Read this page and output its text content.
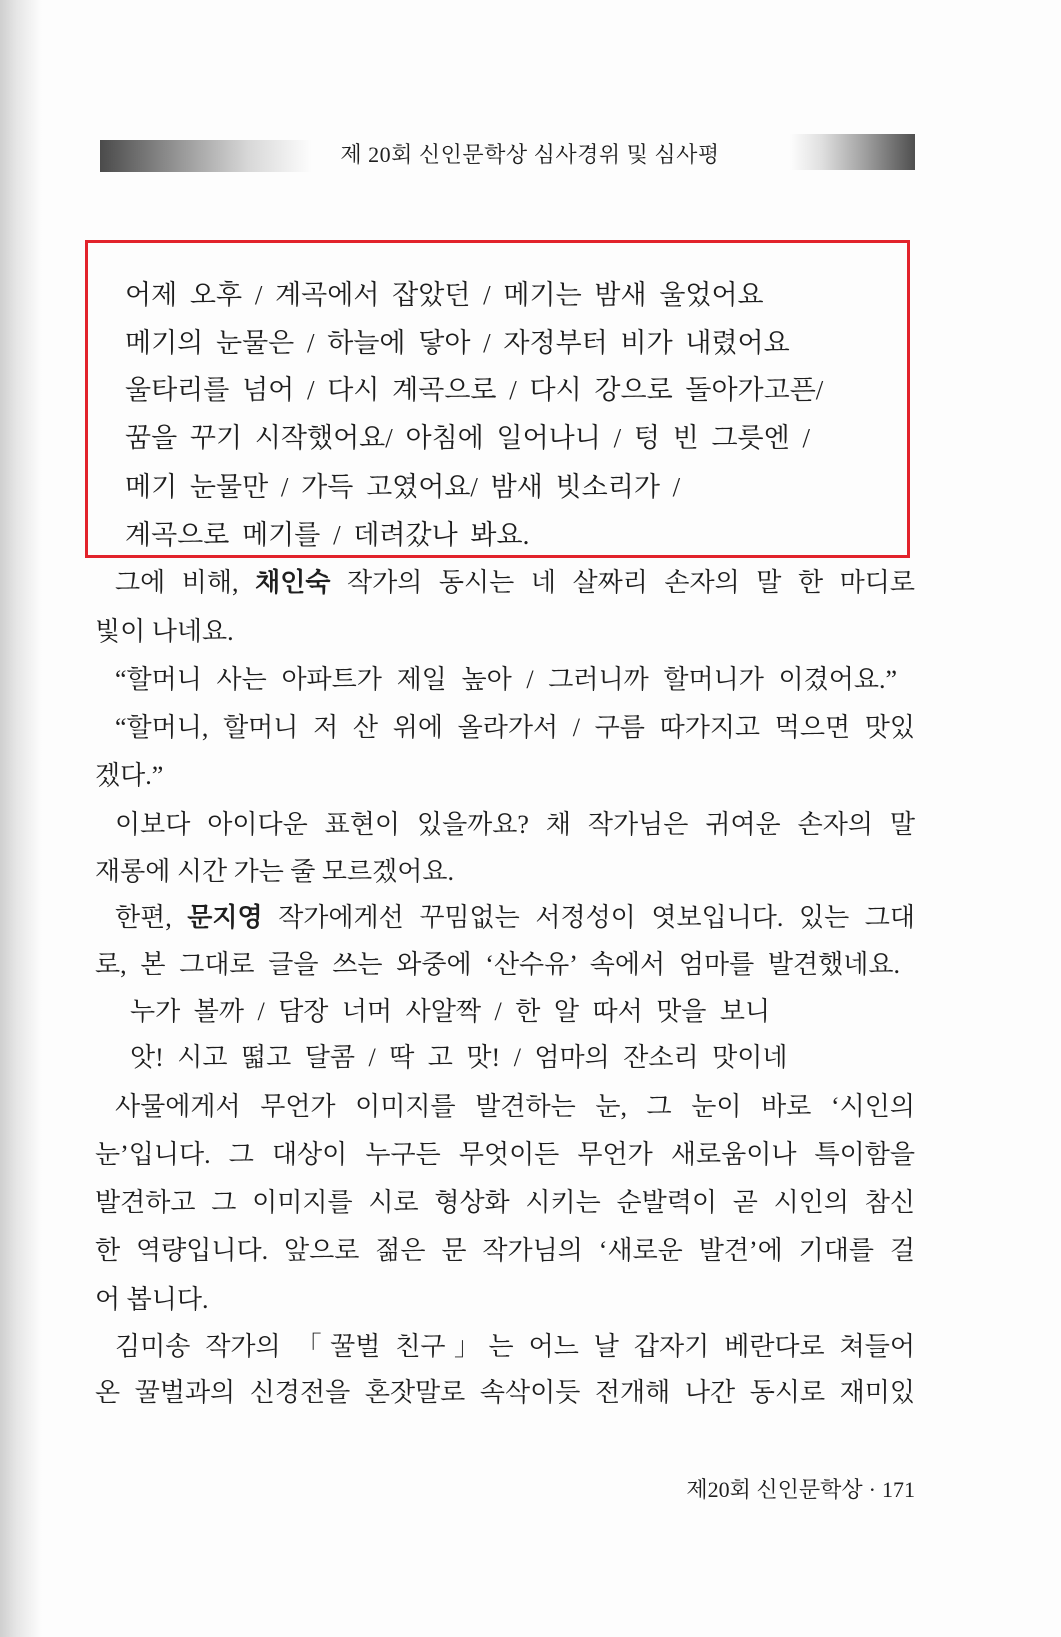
제 20회 신인문학상 심사경위 및 심사평
어제 오후 / 계곡에서 잡았던 / 메기는 밤새 울었어요
메기의 눈물은 / 하늘에 닿아 / 자정부터 비가 내렸어요
울타리를 넘어 / 다시 계곡으로 / 다시 강으로 돌아가고픈/
꿈을 꾸기 시작했어요/ 아침에 일어나니 / 텅 빈 그릇엔 /
메기 눈물만 / 가득 고였어요/ 밤새 빗소리가 /
계곡으로 메기를 / 데려갔나 봐요.
그에 비해, 채인숙 작가의 동시는 네 살짜리 손자의 말 한 마디로
빛이 나네요.
“할머니 사는 아파트가 제일 높아 / 그러니까 할머니가 이겼어요.”
“할머니, 할머니 저 산 위에 올라가서 / 구름 따가지고 먹으면 맛있
겠다.”
이보다 아이다운 표현이 있을까요? 채 작가님은 귀여운 손자의 말
재롱에 시간 가는 줄 모르겠어요.
한편, 문지영 작가에게선 꾸밈없는 서정성이 엿보입니다. 있는 그대
로, 본 그대로 글을 쓰는 와중에 ‘산수유’ 속에서 엄마를 발견했네요.
누가 볼까 / 담장 너머 사알짝 / 한 알 따서 맛을 보니
앗! 시고 떫고 달콤 / 딱 고 맛! / 엄마의 잔소리 맛이네
사물에게서 무언가 이미지를 발견하는 눈, 그 눈이 바로 ‘시인의
눈’입니다. 그 대상이 누구든 무엇이든 무언가 새로움이나 특이함을
발견하고 그 이미지를 시로 형상화 시키는 순발력이 곧 시인의 참신
한 역량입니다. 앞으로 젊은 문 작가님의 ‘새로운 발견’에 기대를 걸
어 봅니다.
김미송 작가의 「꿀벌 친구」는 어느 날 갑자기 베란다로 쳐들어
온 꿀벌과의 신경전을 혼잣말로 속삭이듯 전개해 나간 동시로 재미있
제20회 신인문학상 · 171
